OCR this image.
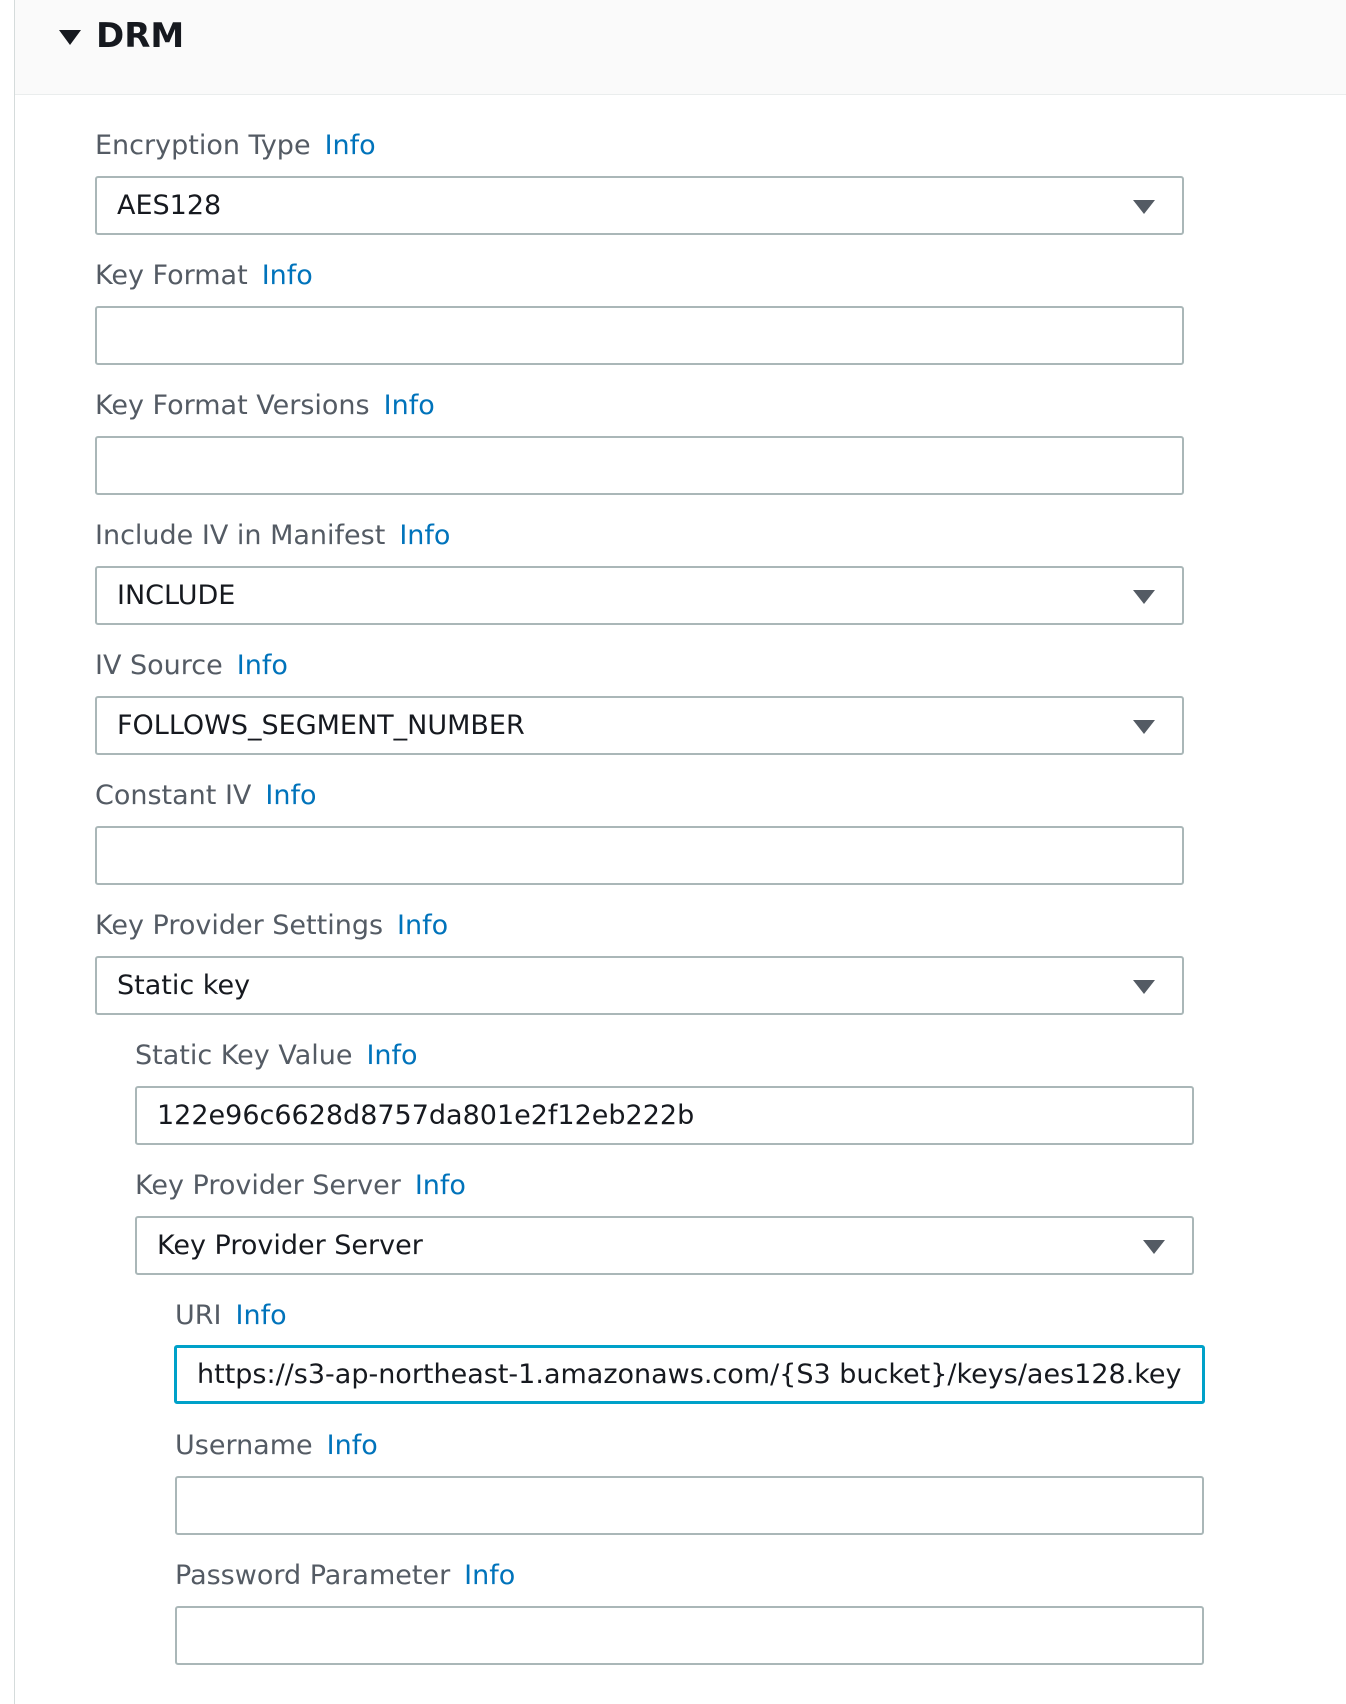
DRM
Encryption Type Info
AES128
Key Format Info
Key Format Versions Info
Include IV in Manifest Info
INCLUDE
IV Source Info
FOLLOWS_SEGMENT_NUMBER
Constant IV Info
Key Provider Settings Info
Static key
Static Key Value Info
122e96c6628d8757da801e2f12eb222b
Key Provider Server Info
Key Provider Server
URI Info
https://s3-ap-northeast-1.amazonaws.com/{S3 bucket}/keys/aes128.key
Username Info
Password Parameter Info
